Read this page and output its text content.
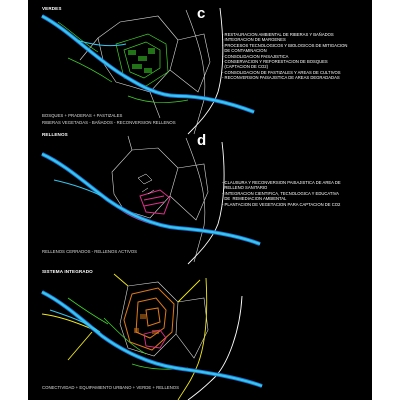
VERDES	c
BOSQUES + PRADERAS + PASTIZALES
RIBERAS VEGETADAS - BAÑADOS - RECONVERSION RELLENOS
- RESTAURACION AMBIENTAL DE RIBERAS Y BAÑADOS
- INTEGRACION DE MARGENES
- PROCESOS TECNOLOGICOS Y BIOLOGICOS DE MITIGACION
DE CONTAMINACION
- CONSOLIDACION PAISAJISTICA
- CONSERVACION Y REFORESTACION DE BOSQUES
(CAPTACION DE CO2)
- CONSOLIDACION DE PASTIZALES Y AREAS DE CULTIVOS
- RECONVERSION PAISAJISTICA DE AREAS DEGRADADAS
RELLENOS	d
RELLENOS CERRADOS - RELLENOS ACTIVOS
- CLAUSURA Y RECONVERSION PAISAJISTICA DE AREA DE
RELLENO SANITARIO
- INTEGRACION CIENTIFICA, TECNOLOGICA Y EDUCATIVA
DE  REMEDIACION AMBIENTAL
- PLANTACION DE VEGETACION PARA CAPTACION DE CO2
SISTEMA INTEGRADO
CONECTIVIDAD + EQUIPAMIENTO URBANO + VERDE + RELLENOS
